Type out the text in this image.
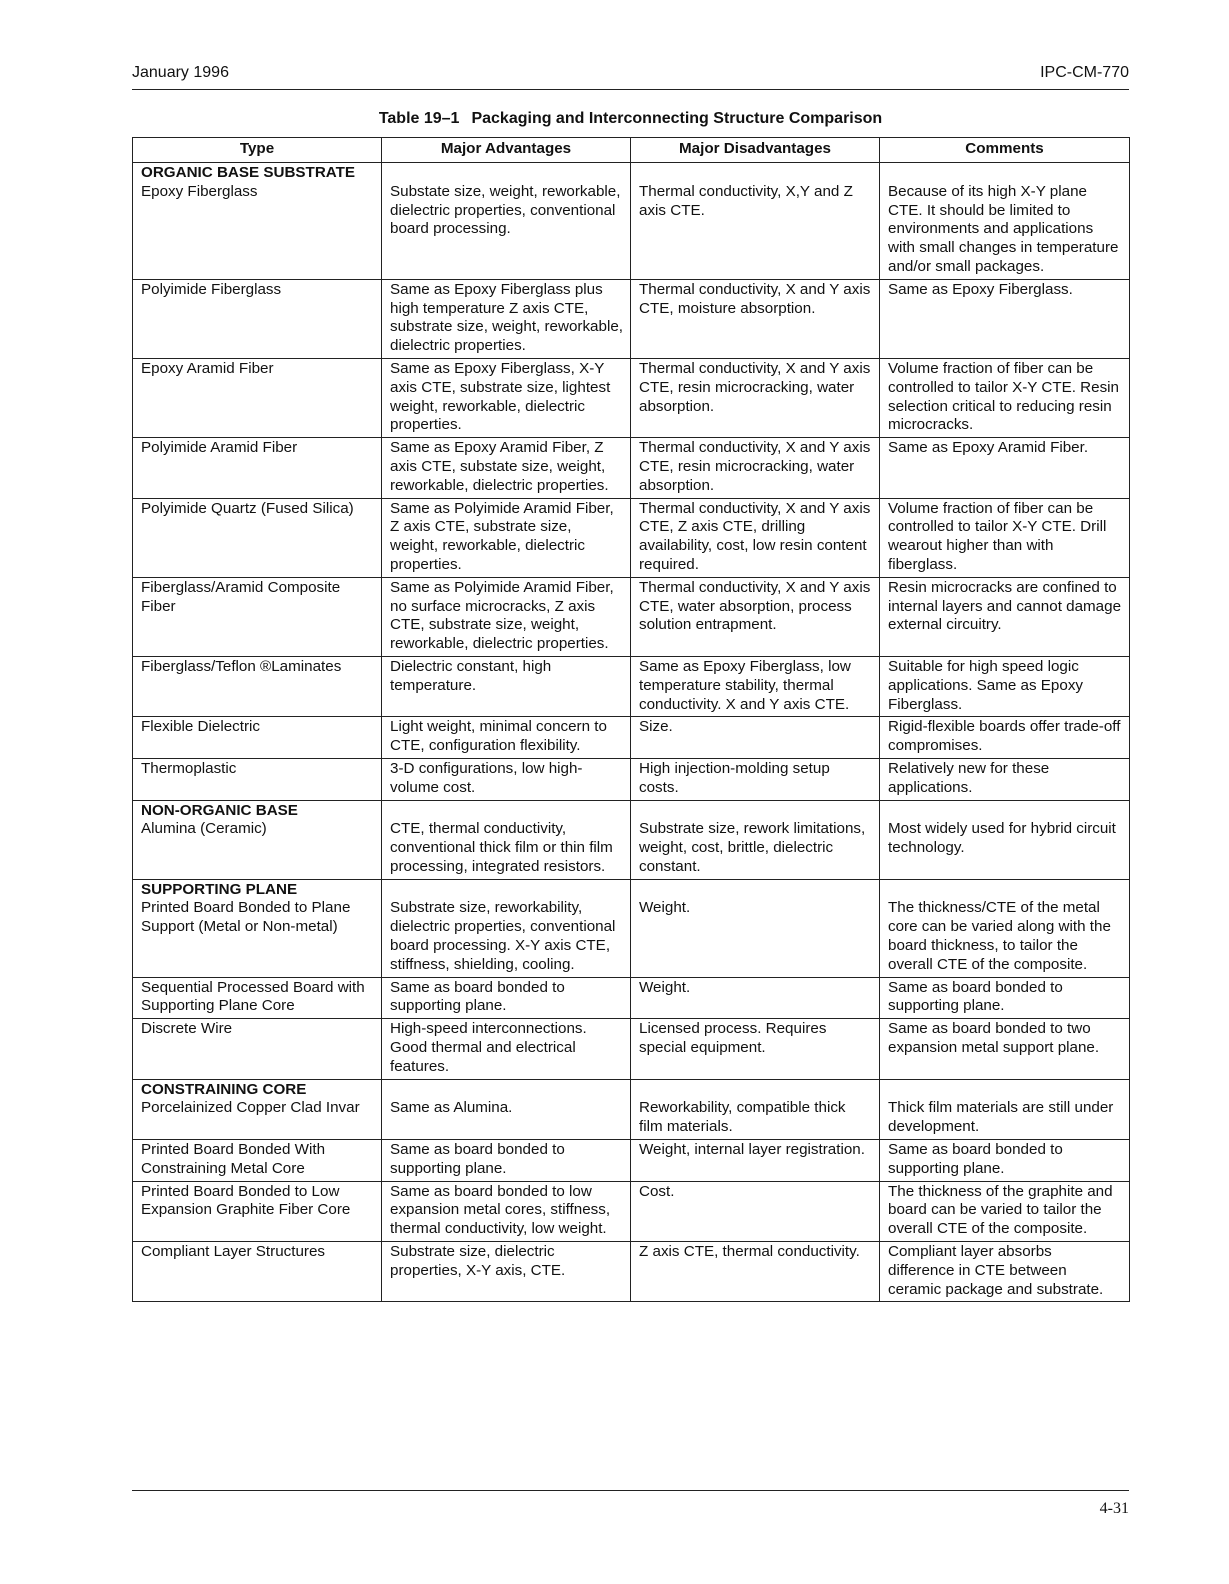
January 1996	IPC-CM-770
Table 19–1 Packaging and Interconnecting Structure Comparison
Type	Major Advantages	Major Disadvantages	Comments

ORGANIC BASE SUBSTRATE
Epoxy Fiberglass	Substate size, weight, reworkable, dielectric properties, conventional board processing.	Thermal conductivity, X,Y and Z axis CTE.	Because of its high X-Y plane CTE. It should be limited to environments and applications with small changes in temperature and/or small packages.
Polyimide Fiberglass	Same as Epoxy Fiberglass plus high temperature Z axis CTE, substrate size, weight, reworkable, dielectric properties.	Thermal conductivity, X and Y axis CTE, moisture absorption.	Same as Epoxy Fiberglass.
Epoxy Aramid Fiber	Same as Epoxy Fiberglass, X-Y axis CTE, substrate size, lightest weight, reworkable, dielectric properties.	Thermal conductivity, X and Y axis CTE, resin microcracking, water absorption.	Volume fraction of fiber can be controlled to tailor X-Y CTE. Resin selection critical to reducing resin microcracks.
Polyimide Aramid Fiber	Same as Epoxy Aramid Fiber, Z axis CTE, substate size, weight, reworkable, dielectric properties.	Thermal conductivity, X and Y axis CTE, resin microcracking, water absorption.	Same as Epoxy Aramid Fiber.
Polyimide Quartz (Fused Silica)	Same as Polyimide Aramid Fiber, Z axis CTE, substrate size, weight, reworkable, dielectric properties.	Thermal conductivity, X and Y axis CTE, Z axis CTE, drilling availability, cost, low resin content required.	Volume fraction of fiber can be controlled to tailor X-Y CTE. Drill wearout higher than with fiberglass.
Fiberglass/Aramid Composite Fiber	Same as Polyimide Aramid Fiber, no surface microcracks, Z axis CTE, substrate size, weight, reworkable, dielectric properties.	Thermal conductivity, X and Y axis CTE, water absorption, process solution entrapment.	Resin microcracks are confined to internal layers and cannot damage external circuitry.
Fiberglass/Teflon ®Laminates	Dielectric constant, high temperature.	Same as Epoxy Fiberglass, low temperature stability, thermal conductivity. X and Y axis CTE.	Suitable for high speed logic applications. Same as Epoxy Fiberglass.
Flexible Dielectric	Light weight, minimal concern to CTE, configuration flexibility.	Size.	Rigid-flexible boards offer trade-off compromises.
Thermoplastic	3-D configurations, low high-volume cost.	High injection-molding setup costs.	Relatively new for these applications.

NON-ORGANIC BASE
Alumina (Ceramic)	CTE, thermal conductivity, conventional thick film or thin film processing, integrated resistors.	Substrate size, rework limitations, weight, cost, brittle, dielectric constant.	Most widely used for hybrid circuit technology.

SUPPORTING PLANE
Printed Board Bonded to Plane Support (Metal or Non-metal)	Substrate size, reworkability, dielectric properties, conventional board processing. X-Y axis CTE, stiffness, shielding, cooling.	Weight.	The thickness/CTE of the metal core can be varied along with the board thickness, to tailor the overall CTE of the composite.
Sequential Processed Board with Supporting Plane Core	Same as board bonded to supporting plane.	Weight.	Same as board bonded to supporting plane.
Discrete Wire	High-speed interconnections. Good thermal and electrical features.	Licensed process. Requires special equipment.	Same as board bonded to two expansion metal support plane.

CONSTRAINING CORE
Porcelainized Copper Clad Invar	Same as Alumina.	Reworkability, compatible thick film materials.	Thick film materials are still under development.
Printed Board Bonded With Constraining Metal Core	Same as board bonded to supporting plane.	Weight, internal layer registration.	Same as board bonded to supporting plane.
Printed Board Bonded to Low Expansion Graphite Fiber Core	Same as board bonded to low expansion metal cores, stiffness, thermal conductivity, low weight.	Cost.	The thickness of the graphite and board can be varied to tailor the overall CTE of the composite.
Compliant Layer Structures	Substrate size, dielectric properties, X-Y axis, CTE.	Z axis CTE, thermal conductivity.	Compliant layer absorbs difference in CTE between ceramic package and substrate.
4-31
